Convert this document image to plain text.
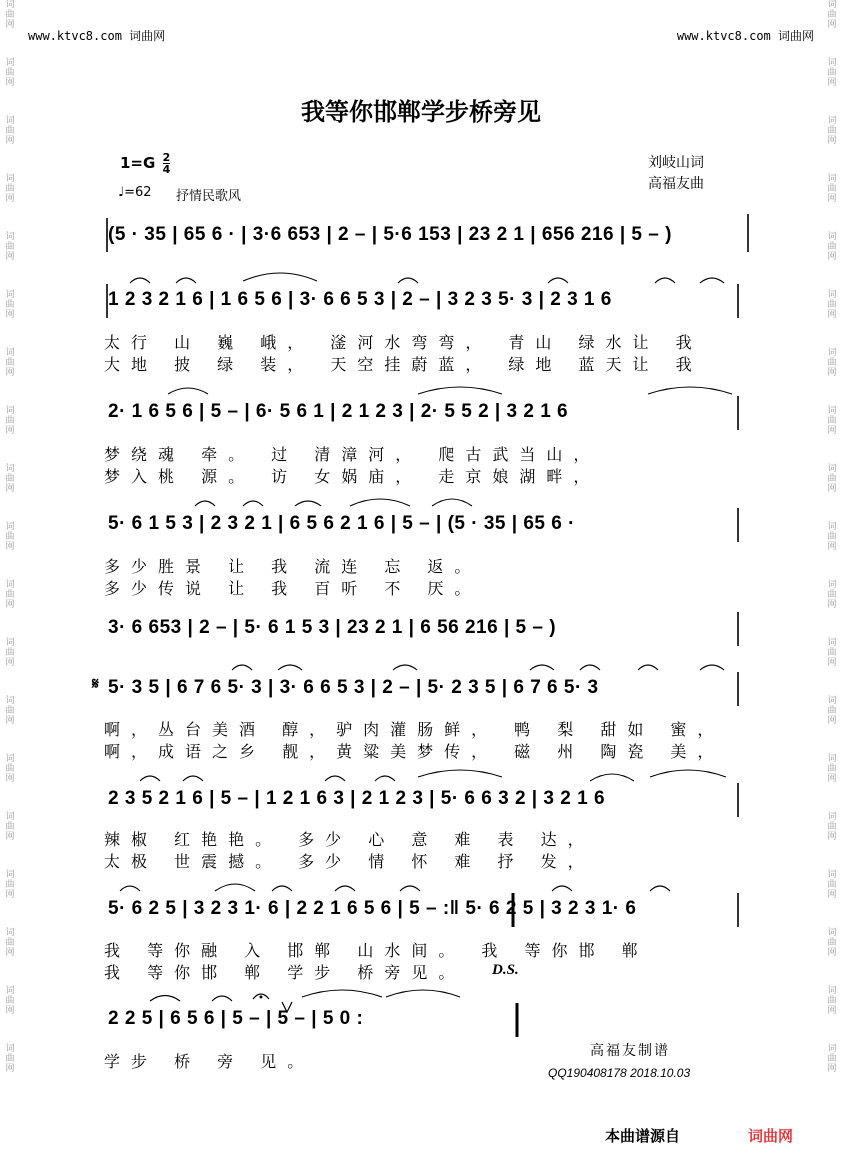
词
曲
网
词
曲
网
词
曲
网
词
曲
网
词
曲
网
词
曲
网
词
曲
网
词
曲
网
词
曲
网
词
曲
网
词
曲
网
词
曲
网
词
曲
网
词
曲
网
词
曲
网
词
曲
网
词
曲
网
词
曲
网
词
曲
网
词
曲
网
词
曲
网
词
曲
网
词
曲
网
词
曲
网
词
曲
网
词
曲
网
词
曲
网
词
曲
网
词
曲
网
词
曲
网
词
曲
网
词
曲
网
词
曲
网
词
曲
网
词
曲
网
词
曲
网
词
曲
网
词
曲
网
www.ktvc8.com 词曲网	www.ktvc8.com 词曲网
我等你邯郸学步桥旁见
$1=G \frac{2}{4}$
♩=62 抒情民歌风
刘岐山词
高福友曲
(5 · 35 | 65 6 · | 3·6 653 | 2 – | 5·6 153 | 23 2 1 | 656 216 | 5 – )
1 2 3 2 1 6 | 1 6 5 6 | 3· 6 6 5 3 | 2 – | 3 2 3 5· 3 | 2 3 1 6
太行 山 巍 峨， 滏河水弯弯， 青山 绿水让 我
大地 披 绿 装， 天空挂蔚蓝， 绿地 蓝天让 我
2· 1 6 5 6 | 5 – | 6· 5 6 1 | 2 1 2 3 | 2· 5 5 2 | 3 2 1 6
梦绕魂 牵。 过 清漳河， 爬古武当山，
梦入桃 源。 访 女娲庙， 走京娘湖畔，
5· 6 1 5 3 | 2 3 2 1 | 6 5 6 2 1 6 | 5 – | (5 · 35 | 65 6 ·
多少胜景 让 我 流连 忘 返。
多少传说 让 我 百听 不 厌。
3· 6 653 | 2 – | 5· 6 1 5 3 | 23 2 1 | 6 56 216 | 5 – )
𝄋 5· 3 5 | 6 7 6 5· 3 | 3· 6 6 5 3 | 2 – | 5· 2 3 5 | 6 7 6 5· 3
啊，丛台美酒 醇，驴肉灌肠鲜， 鸭 梨 甜如 蜜，
啊，成语之乡 靓，黄粱美梦传， 磁 州 陶瓷 美，
2 3 5 2 1 6 | 5 – | 1 2 1 6 3 | 2 1 2 3 | 5· 6 6 3 2 | 3 2 1 6
辣椒 红艳艳。 多少 心 意 难 表 达，
太极 世震撼。 多少 情 怀 难 抒 发，
5· 6 2 5 | 3 2 3 1· 6 | 2 2 1 6 5 6 | 5 – :‖ 5· 6 2 5 | 3 2 3 1· 6
我 等你融 入 邯郸 山水间。 我 等你邯 郸
我 等你邯 郸 学步 桥旁见。 D.S.
2 2 5 | 6 5 6 | 5 – | 5 – | 5 0 :
学步 桥 旁 见。
高福友制谱
QQ190408178 2018.10.03
本曲谱源自	词曲网
